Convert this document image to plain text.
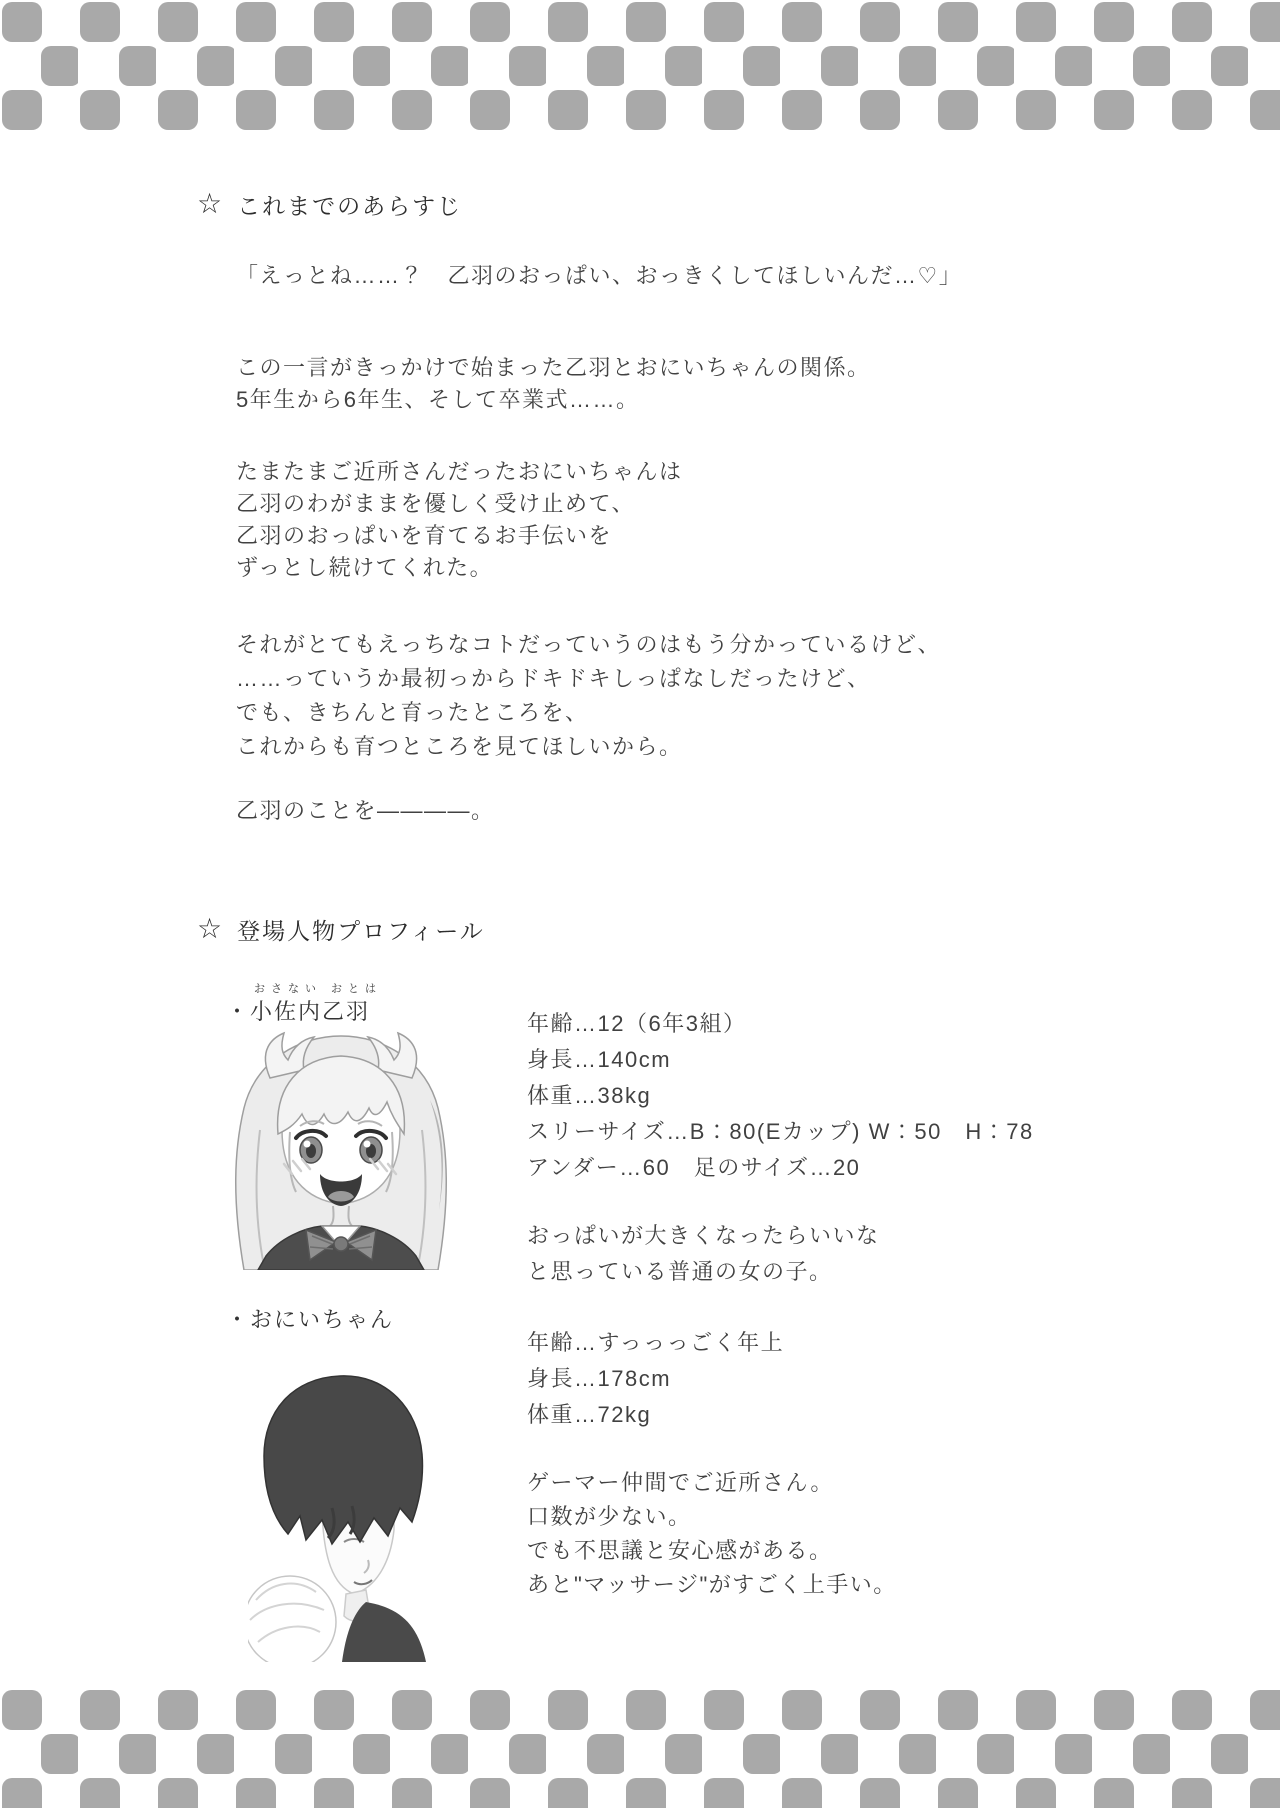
☆ これまでのあらすじ
「えっとね……？　乙羽のおっぱい、おっきくしてほしいんだ…♡」
この一言がきっかけで始まった乙羽とおにいちゃんの関係。
5年生から6年生、そして卒業式……。
たまたまご近所さんだったおにいちゃんは
乙羽のわがままを優しく受け止めて、
乙羽のおっぱいを育てるお手伝いを
ずっとし続けてくれた。
それがとてもえっちなコトだっていうのはもう分かっているけど、
……っていうか最初っからドキドキしっぱなしだったけど、
でも、きちんと育ったところを、
これからも育つところを見てほしいから。
乙羽のことを――――。
☆ 登場人物プロフィール
おさない おとは
・小佐内乙羽	年齢…12（6年3組）
身長…140cm
体重…38kg
スリーサイズ…B：80(Eカップ) W：50　H：78
アンダー…60　足のサイズ…20
おっぱいが大きくなったらいいな
と思っている普通の女の子。
・おにいちゃん
年齢…すっっっごく年上
身長…178cm
体重…72kg
ゲーマー仲間でご近所さん。
口数が少ない。
でも不思議と安心感がある。
あと"マッサージ"がすごく上手い。
